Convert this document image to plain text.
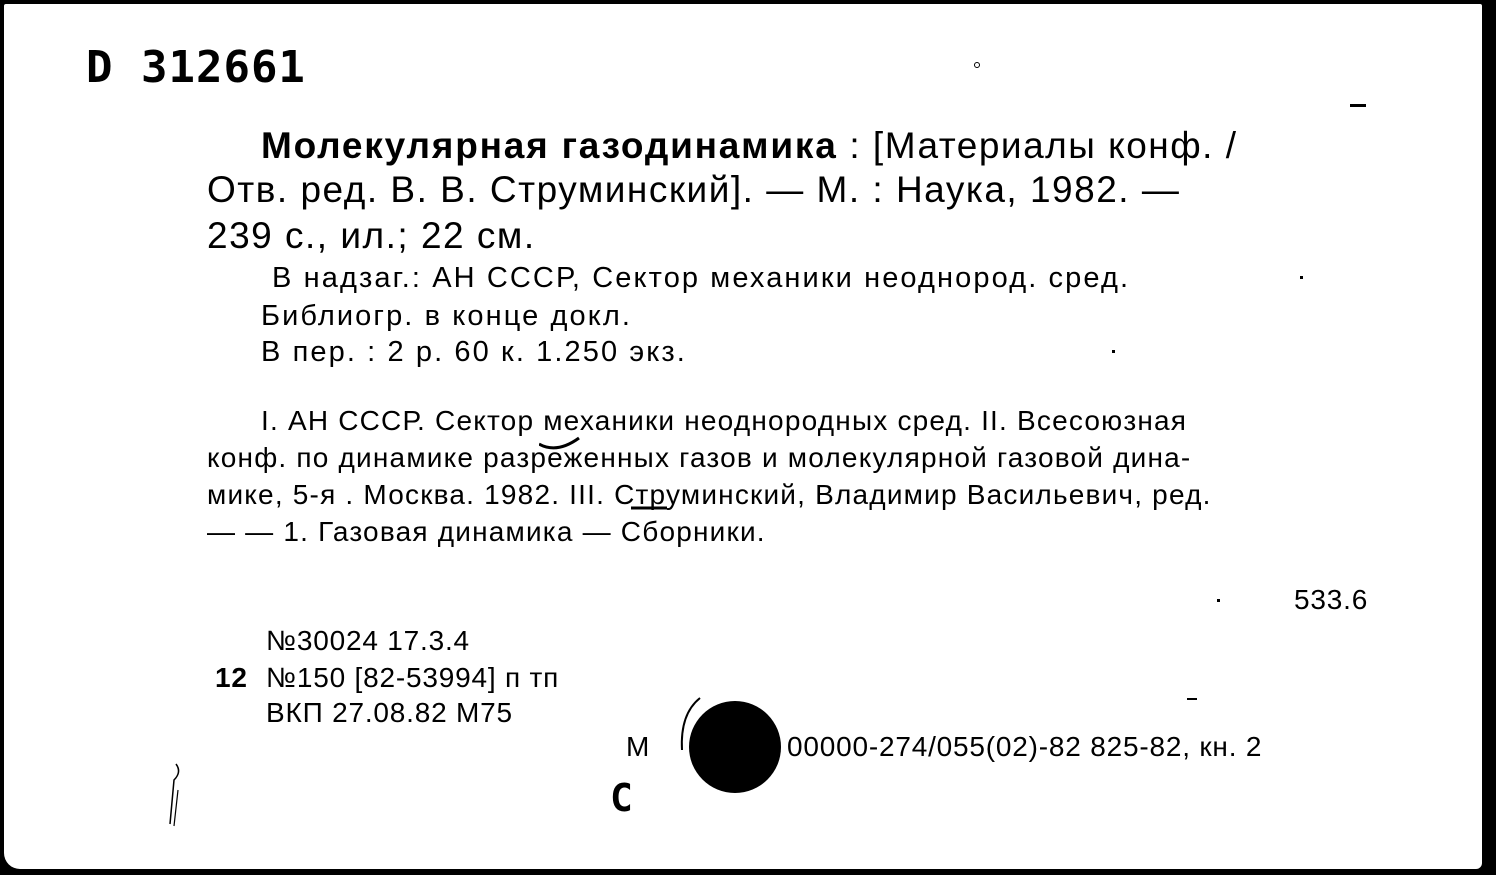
D 312661
Молекулярная газодинамика : [Материалы конф. /
Отв. ред. В. В. Струминский]. — М. : Наука, 1982. —
239 с., ил.; 22 см.
В надзаг.: АН СССР, Сектор механики неоднород. сред.
Библиогр. в конце докл.
В пер. : 2 р. 60 к. 1.250 экз.
I. АН СССР. Сектор механики неоднородных сред. II. Всесоюзная
конф. по динамике разреженных газов и молекулярной газовой дина-
мике, 5-я . Москва. 1982. III. Струминский, Владимир Васильевич, ред.
— — 1. Газовая динамика — Сборники.
533.6
№30024 17.3.4
12 №150 [82-53994] п тп
ВКП 27.08.82 М75
М	00000-274/055(02)-82 825-82, кн. 2
C
